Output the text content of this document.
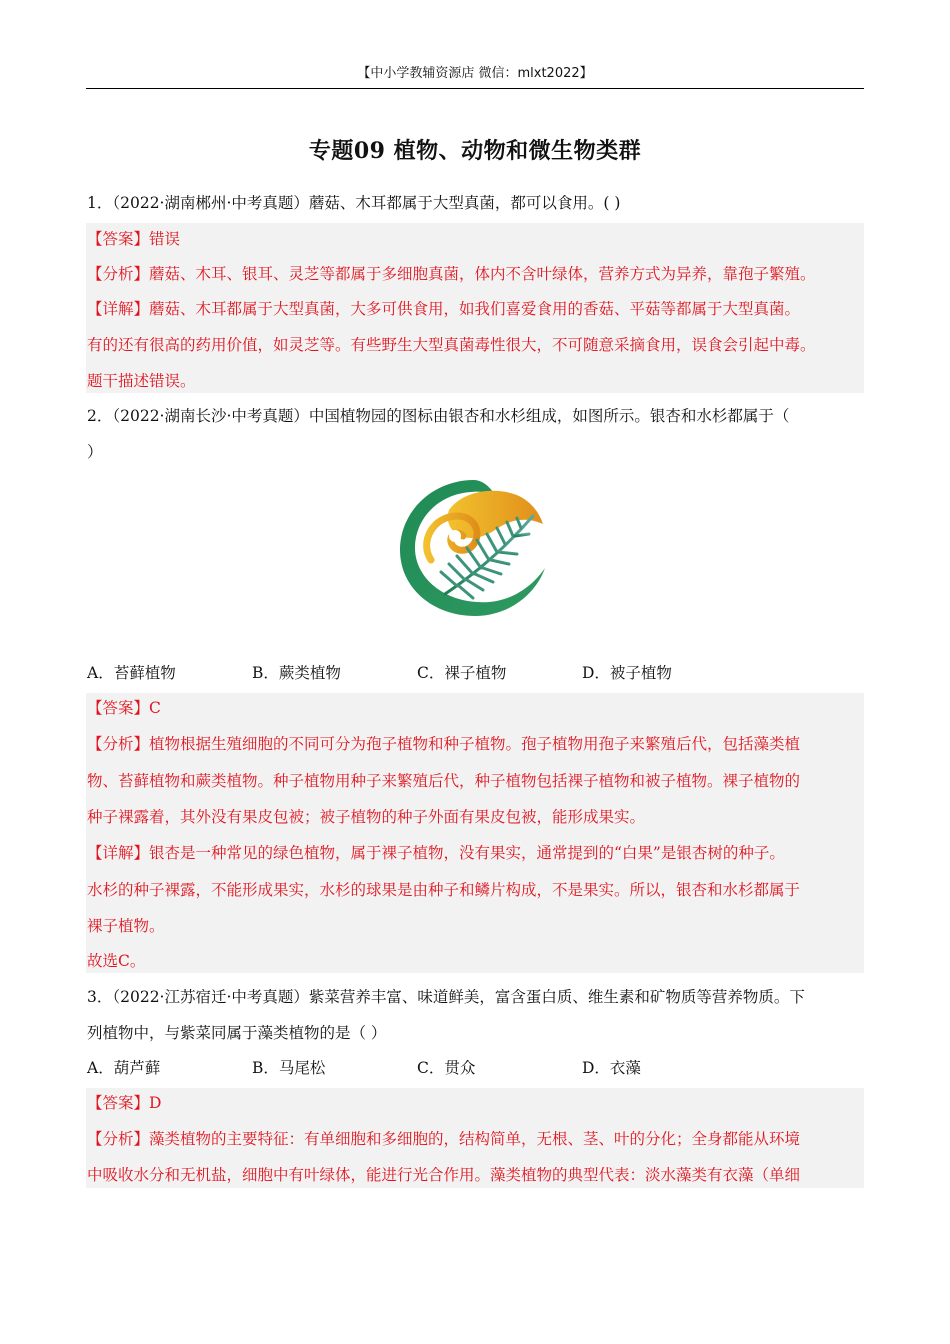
【中小学教辅资源店 微信：mlxt2022】
专题09 植物、动物和微生物类群
1．（2022·湖南郴州·中考真题）蘑菇、木耳都属于大型真菌，都可以食用。( )
【答案】错误
【分析】蘑菇、木耳、银耳、灵芝等都属于多细胞真菌，体内不含叶绿体，营养方式为异养，靠孢子繁殖。
【详解】蘑菇、木耳都属于大型真菌，大多可供食用，如我们喜爱食用的香菇、平菇等都属于大型真菌。
有的还有很高的药用价值，如灵芝等。有些野生大型真菌毒性很大，不可随意采摘食用，误食会引起中毒。
题干描述错误。
2．（2022·湖南长沙·中考真题）中国植物园的图标由银杏和水杉组成，如图所示。银杏和水杉都属于（
）
A．苔藓植物	B．蕨类植物	C．裸子植物	D．被子植物
【答案】C
【分析】植物根据生殖细胞的不同可分为孢子植物和种子植物。孢子植物用孢子来繁殖后代，包括藻类植
物、苔藓植物和蕨类植物。种子植物用种子来繁殖后代，种子植物包括裸子植物和被子植物。裸子植物的
种子裸露着，其外没有果皮包被；被子植物的种子外面有果皮包被，能形成果实。
【详解】银杏是一种常见的绿色植物，属于裸子植物，没有果实，通常提到的“白果”是银杏树的种子。
水杉的种子裸露，不能形成果实，水杉的球果是由种子和鳞片构成，不是果实。所以，银杏和水杉都属于
裸子植物。
故选C。
3．（2022·江苏宿迁·中考真题）紫菜营养丰富、味道鲜美，富含蛋白质、维生素和矿物质等营养物质。下
列植物中，与紫菜同属于藻类植物的是（ ）
A．葫芦藓	B．马尾松	C．贯众	D．衣藻
【答案】D
【分析】藻类植物的主要特征：有单细胞和多细胞的，结构简单，无根、茎、叶的分化；全身都能从环境
中吸收水分和无机盐，细胞中有叶绿体，能进行光合作用。藻类植物的典型代表：淡水藻类有衣藻（单细
